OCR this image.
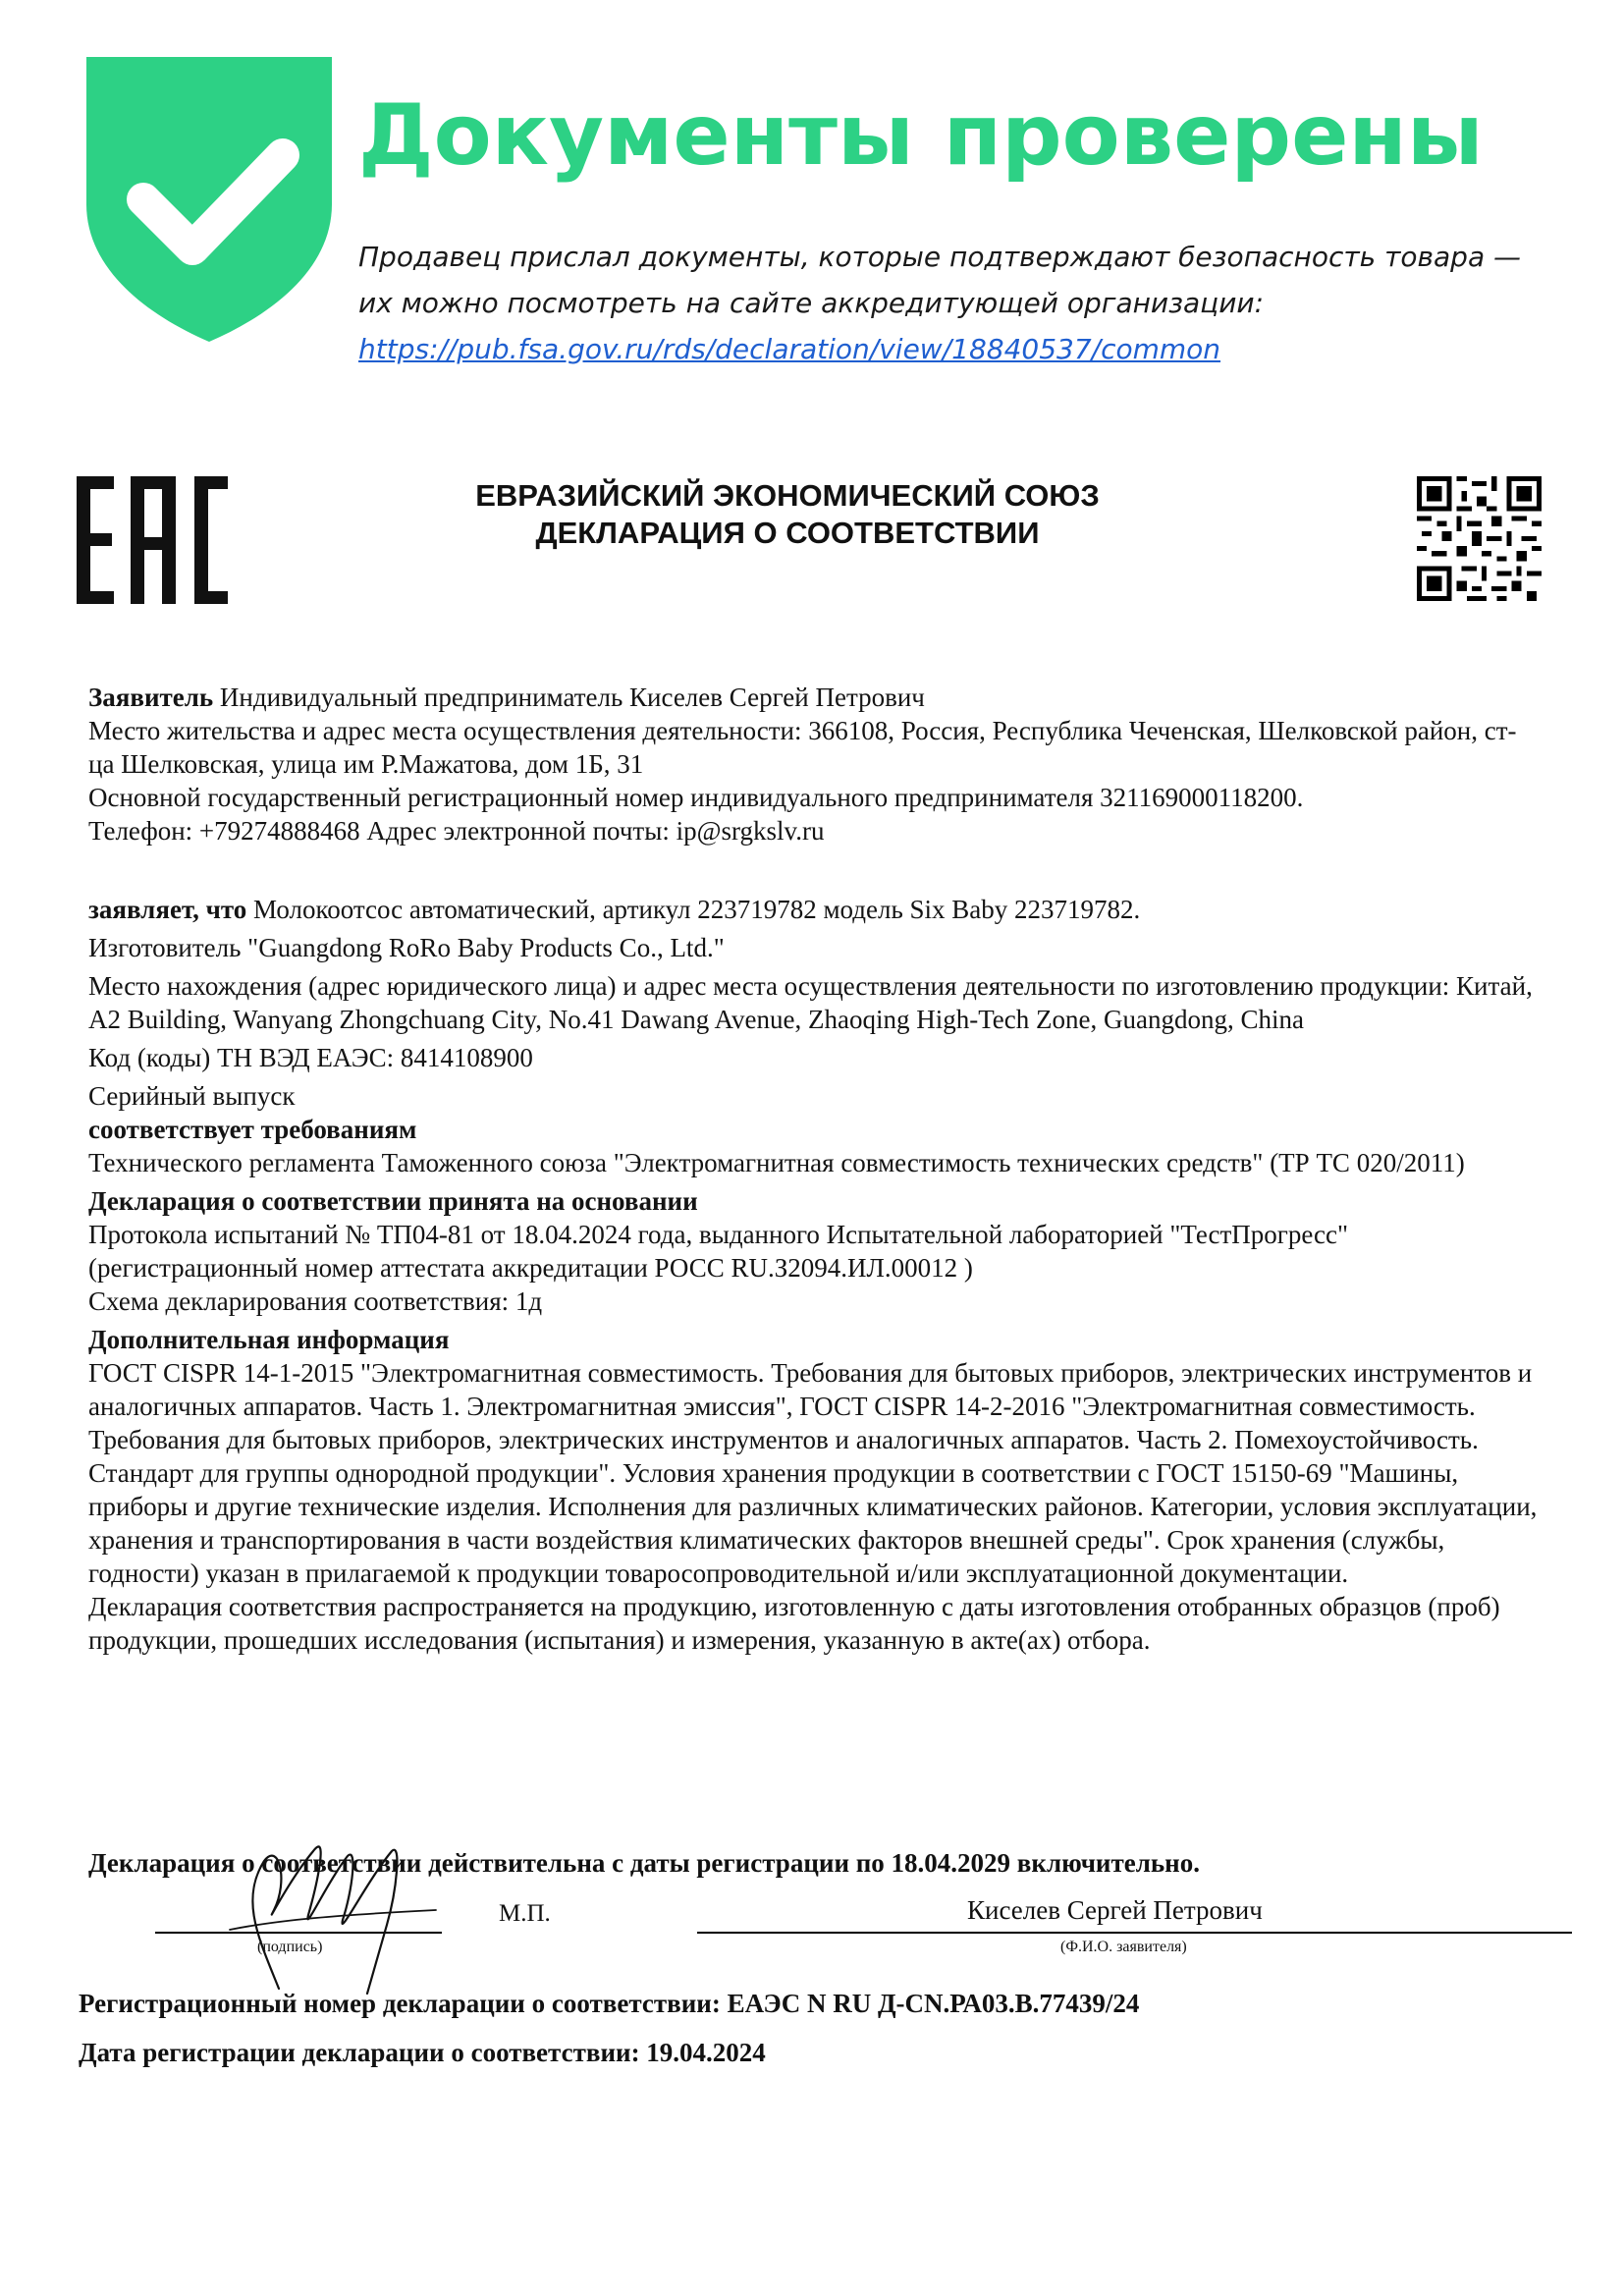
Документы проверены
Продавец прислал документы, которые подтверждают безопасность товара — их можно посмотреть на сайте аккредитующей организации:
https://pub.fsa.gov.ru/rds/declaration/view/18840537/common
ЕВРАЗИЙСКИЙ ЭКОНОМИЧЕСКИЙ СОЮЗ
ДЕКЛАРАЦИЯ О СООТВЕТСТВИИ

Заявитель Индивидуальный предприниматель Киселев Сергей Петрович

Место жительства и адрес места осуществления деятельности: 366108, Россия, Республика Чеченская, Шелковской район, ст-ца Шелковская, улица им Р.Мажатова, дом 1Б, 31

Основной государственный регистрационный номер индивидуального предпринимателя 321169000118200.

Телефон: +79274888468 Адрес электронной почты: ip@srgkslv.ru

заявляет, что Молокоотсос автоматический, артикул 223719782 модель Six Baby 223719782.

Изготовитель "Guangdong RoRo Baby Products Co., Ltd."

Место нахождения (адрес юридического лица) и адрес места осуществления деятельности по изготовлению продукции: Китай, A2 Building, Wanyang Zhongchuang City, No.41 Dawang Avenue, Zhaoqing High-Tech Zone, Guangdong, China

Код (коды) ТН ВЭД ЕАЭС: 8414108900

Серийный выпуск

соответствует требованиям

Технического регламента Таможенного союза "Электромагнитная совместимость технических средств" (ТР ТС 020/2011)

Декларация о соответствии принята на основании

Протокола испытаний № ТП04-81 от 18.04.2024 года, выданного Испытательной лабораторией "ТестПрогресс" (регистрационный номер аттестата аккредитации РОСС RU.З2094.ИЛ.00012 )

Схема декларирования соответствия: 1д

Дополнительная информация

ГОСТ CISPR 14-1-2015 "Электромагнитная совместимость. Требования для бытовых приборов, электрических инструментов и аналогичных аппаратов. Часть 1. Электромагнитная эмиссия", ГОСТ CISPR 14-2-2016 "Электромагнитная совместимость. Требования для бытовых приборов, электрических инструментов и аналогичных аппаратов. Часть 2. Помехоустойчивость. Стандарт для группы однородной продукции". Условия хранения продукции в соответствии с ГОСТ 15150-69 "Машины, приборы и другие технические изделия. Исполнения для различных климатических районов. Категории, условия эксплуатации, хранения и транспортирования в части воздействия климатических факторов внешней среды". Срок хранения (службы, годности) указан в прилагаемой к продукции товаросопроводительной и/или эксплуатационной документации.

Декларация соответствия распространяется на продукцию, изготовленную с даты изготовления отобранных образцов (проб) продукции, прошедших исследования (испытания) и измерения, указанную в акте(ах) отбора.

Декларация о соответствии действительна с даты регистрации по 18.04.2029 включительно.

Киселев Сергей Петрович
М.П.
(подпись)	(Ф.И.О. заявителя)

Регистрационный номер декларации о соответствии: ЕАЭС N RU Д-CN.РА03.В.77439/24

Дата регистрации декларации о соответствии: 19.04.2024
